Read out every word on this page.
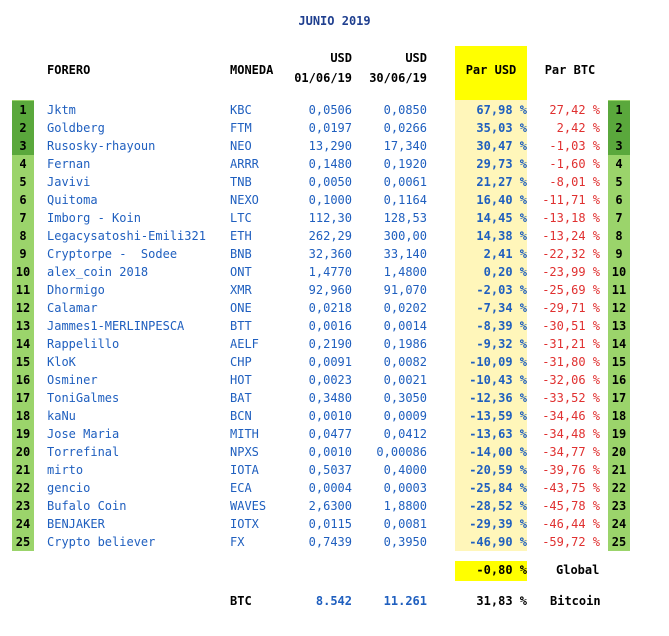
JUNIO 2019
FORERO	MONEDA
USD
01/06/19
USD
30/06/19
Par USD	Par BTC
1	Jktm	KBC	0,0506	0,0850	67,98 %	27,42 %	1
2	Goldberg	FTM	0,0197	0,0266	35,03 %	2,42 %	2
3	Rusosky-rhayoun	NEO	13,290	17,340	30,47 %	-1,03 %	3
4	Fernan	ARRR	0,1480	0,1920	29,73 %	-1,60 %	4
5	Javivi	TNB	0,0050	0,0061	21,27 %	-8,01 %	5
6	Quitoma	NEXO	0,1000	0,1164	16,40 %	-11,71 %	6
7	Imborg - Koin	LTC	112,30	128,53	14,45 %	-13,18 %	7
8	Legacysatoshi-Emili321 ETH	262,29	300,00	14,38 %	-13,24 %	8
9	Cryptorpe -  Sodee	BNB	32,360	33,140	2,41 %	-22,32 %	9
10	alex_coin 2018	ONT	1,4770	1,4800	0,20 %	-23,99 % 10
11	Dhormigo	XMR	92,960	91,070	-2,03 %	-25,69 % 11
12	Calamar	ONE	0,0218	0,0202	-7,34 %	-29,71 % 12
13	Jammes1-MERLINPESCA	BTT	0,0016	0,0014	-8,39 %	-30,51 % 13
14	Rappelillo	AELF	0,2190	0,1986	-9,32 %	-31,21 % 14
15	KloK	CHP	0,0091	0,0082	-10,09 %	-31,80 % 15
16	Osminer	HOT	0,0023	0,0021	-10,43 %	-32,06 % 16
17	ToniGalmes	BAT	0,3480	0,3050	-12,36 %	-33,52 % 17
18	kaNu	BCN	0,0010	0,0009	-13,59 %	-34,46 % 18
19	Jose Maria	MITH	0,0477	0,0412	-13,63 %	-34,48 % 19
20	Torrefinal	NPXS	0,0010	0,00086	-14,00 %	-34,77 % 20
21	mirto	IOTA	0,5037	0,4000	-20,59 %	-39,76 % 21
22	gencio	ECA	0,0004	0,0003	-25,84 %	-43,75 % 22
23	Bufalo Coin	WAVES	2,6300	1,8800	-28,52 %	-45,78 % 23
24	BENJAKER	IOTX	0,0115	0,0081	-29,39 %	-46,44 % 24
25	Crypto believer	FX	0,7439	0,3950	-46,90 %	-59,72 % 25
-0,80 % Global
BTC	8.542	11.261	31,83 % Bitcoin
